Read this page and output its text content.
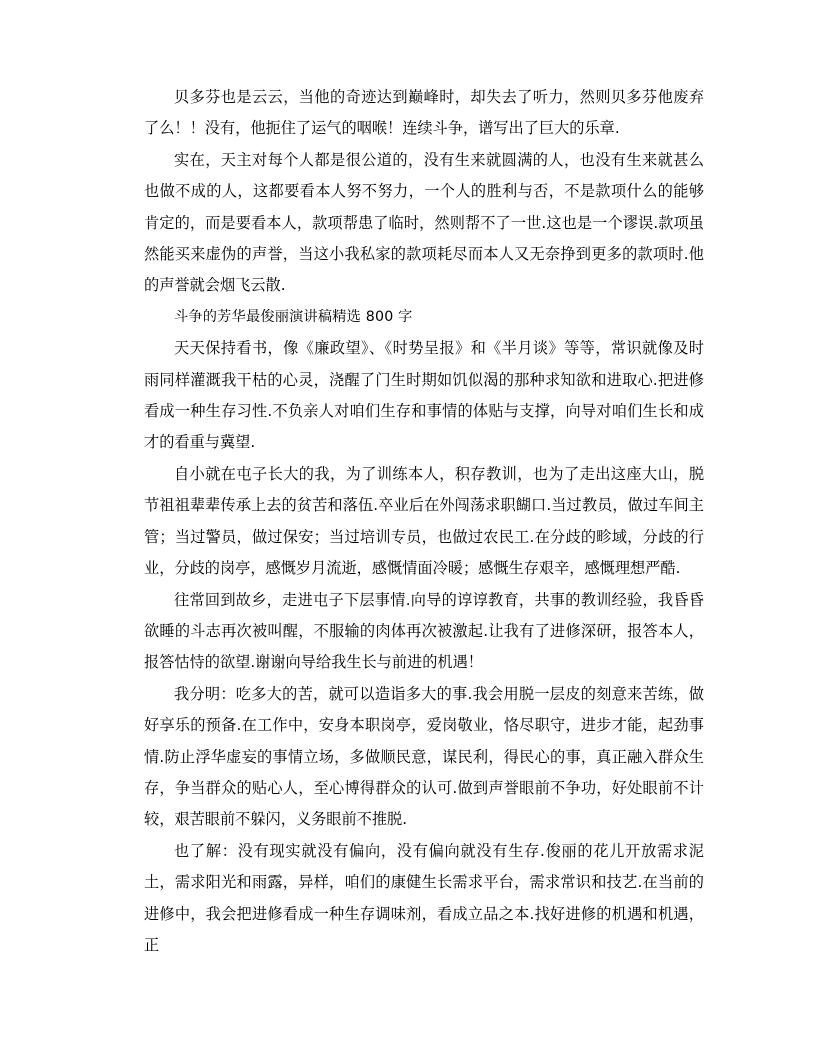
贝多芬也是云云，当他的奇迹达到巅峰时，却失去了听力，然则贝多芬他废弃了么！！没有，他扼住了运气的咽喉！连续斗争，谱写出了巨大的乐章.

实在，天主对每个人都是很公道的，没有生来就圆满的人，也没有生来就甚么也做不成的人，这都要看本人努不努力，一个人的胜利与否，不是款项什么的能够肯定的，而是要看本人，款项帮患了临时，然则帮不了一世.这也是一个谬误.款项虽然能买来虚伪的声誉，当这小我私家的款项耗尽而本人又无奈挣到更多的款项时.他的声誉就会烟飞云散.

斗争的芳华最俊丽演讲稿精选 800 字

天天保持看书，像《廉政望》、《时势呈报》和《半月谈》等等，常识就像及时雨同样灌溉我干枯的心灵，浇醒了门生时期如饥似渴的那种求知欲和进取心.把进修看成一种生存习性.不负亲人对咱们生存和事情的体贴与支撑，向导对咱们生长和成才的看重与冀望.

自小就在屯子长大的我，为了训练本人，积存教训，也为了走出这座大山，脱节祖祖辈辈传承上去的贫苦和落伍.卒业后在外闯荡求职餬口.当过教员，做过车间主管；当过警员，做过保安；当过培训专员，也做过农民工.在分歧的畛域，分歧的行业，分歧的岗亭，感慨岁月流逝，感慨情面冷暖；感慨生存艰辛，感慨理想严酷.

往常回到故乡，走进屯子下层事情.向导的谆谆教育，共事的教训经验，我昏昏欲睡的斗志再次被叫醒，不服输的肉体再次被激起.让我有了进修深研，报答本人，报答怙恃的欲望.谢谢向导给我生长与前进的机遇！

我分明：吃多大的苦，就可以造诣多大的事.我会用脱一层皮的刻意来苦练，做好享乐的预备.在工作中，安身本职岗亭，爱岗敬业，恪尽职守，进步才能，起劲事情.防止浮华虚妄的事情立场，多做顺民意，谋民利，得民心的事，真正融入群众生存，争当群众的贴心人，至心博得群众的认可.做到声誉眼前不争功，好处眼前不计较，艰苦眼前不躲闪，义务眼前不推脱.

也了解：没有现实就没有偏向，没有偏向就没有生存.俊丽的花儿开放需求泥土，需求阳光和雨露，异样，咱们的康健生长需求平台，需求常识和技艺.在当前的进修中，我会把进修看成一种生存调味剂，看成立品之本.找好进修的机遇和机遇，正
